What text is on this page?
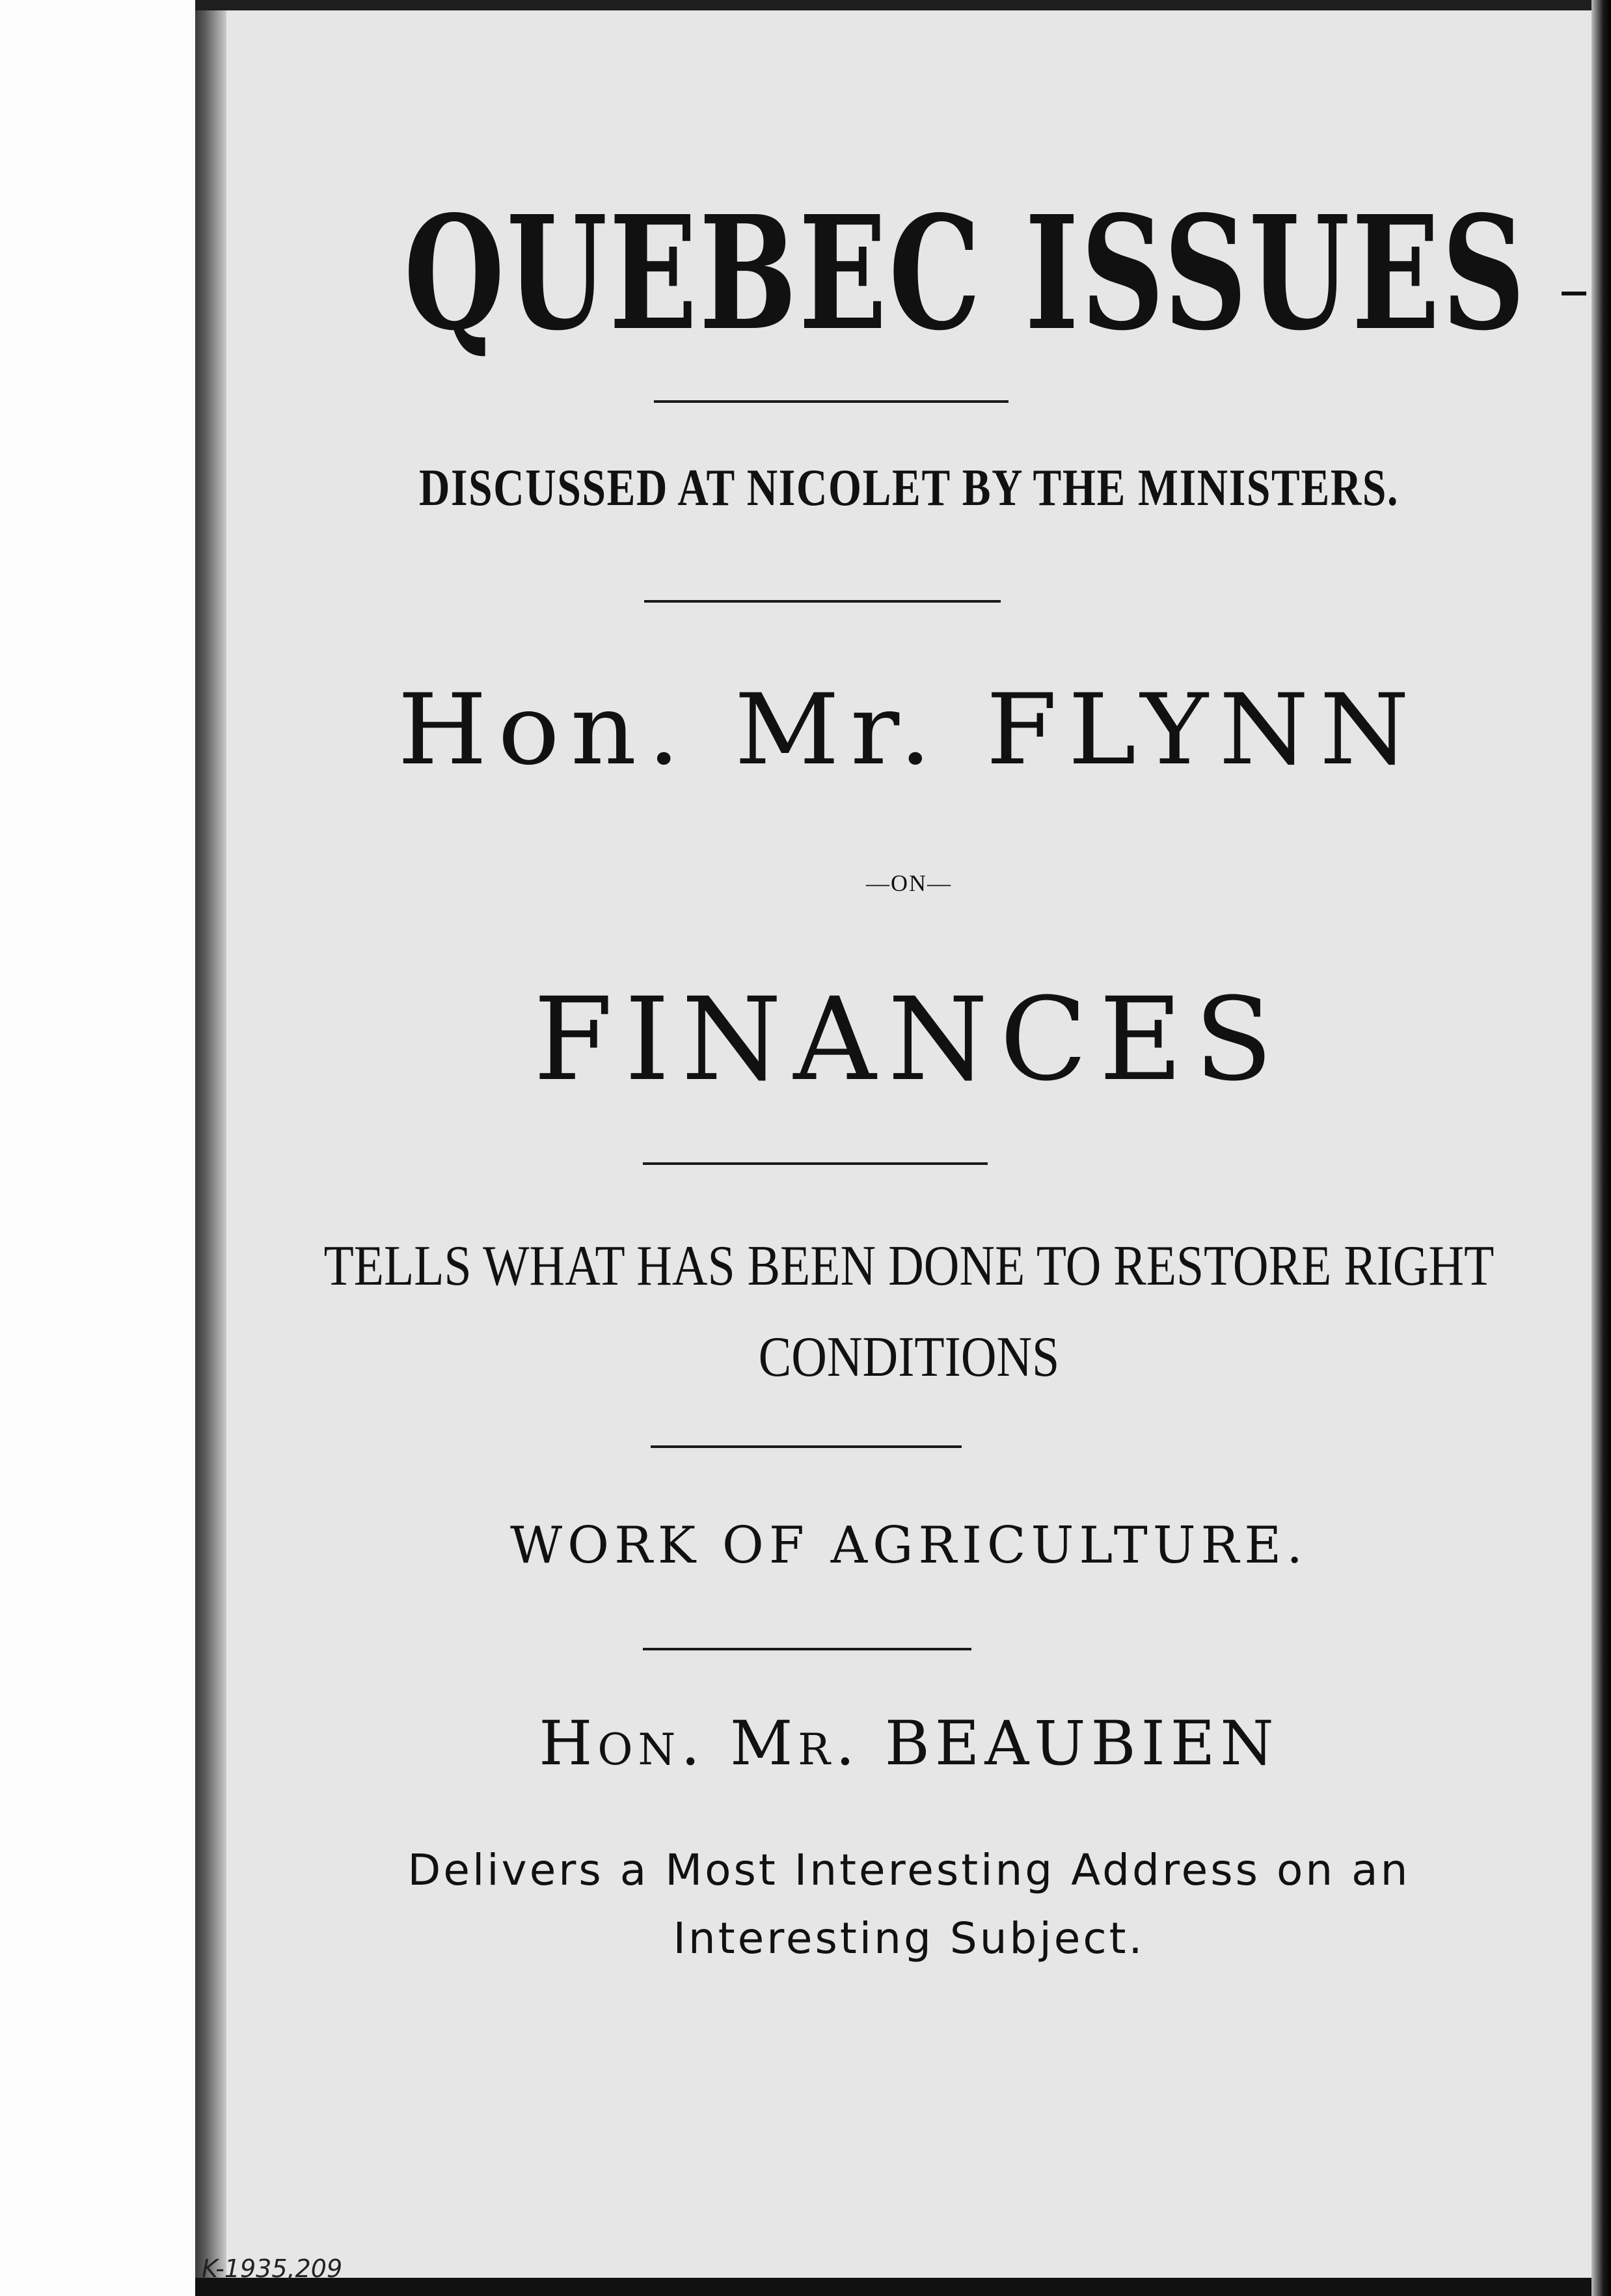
QUEBEC ISSUES
DISCUSSED AT NICOLET BY THE MINISTERS.
Hon. Mr. FLYNN
—ON—
FINANCES
TELLS WHAT HAS BEEN DONE TO RESTORE RIGHT
CONDITIONS
WORK OF AGRICULTURE.
Hon. Mr. BEAUBIEN
Delivers a Most Interesting Address on an
Interesting Subject.
K-1935,209
